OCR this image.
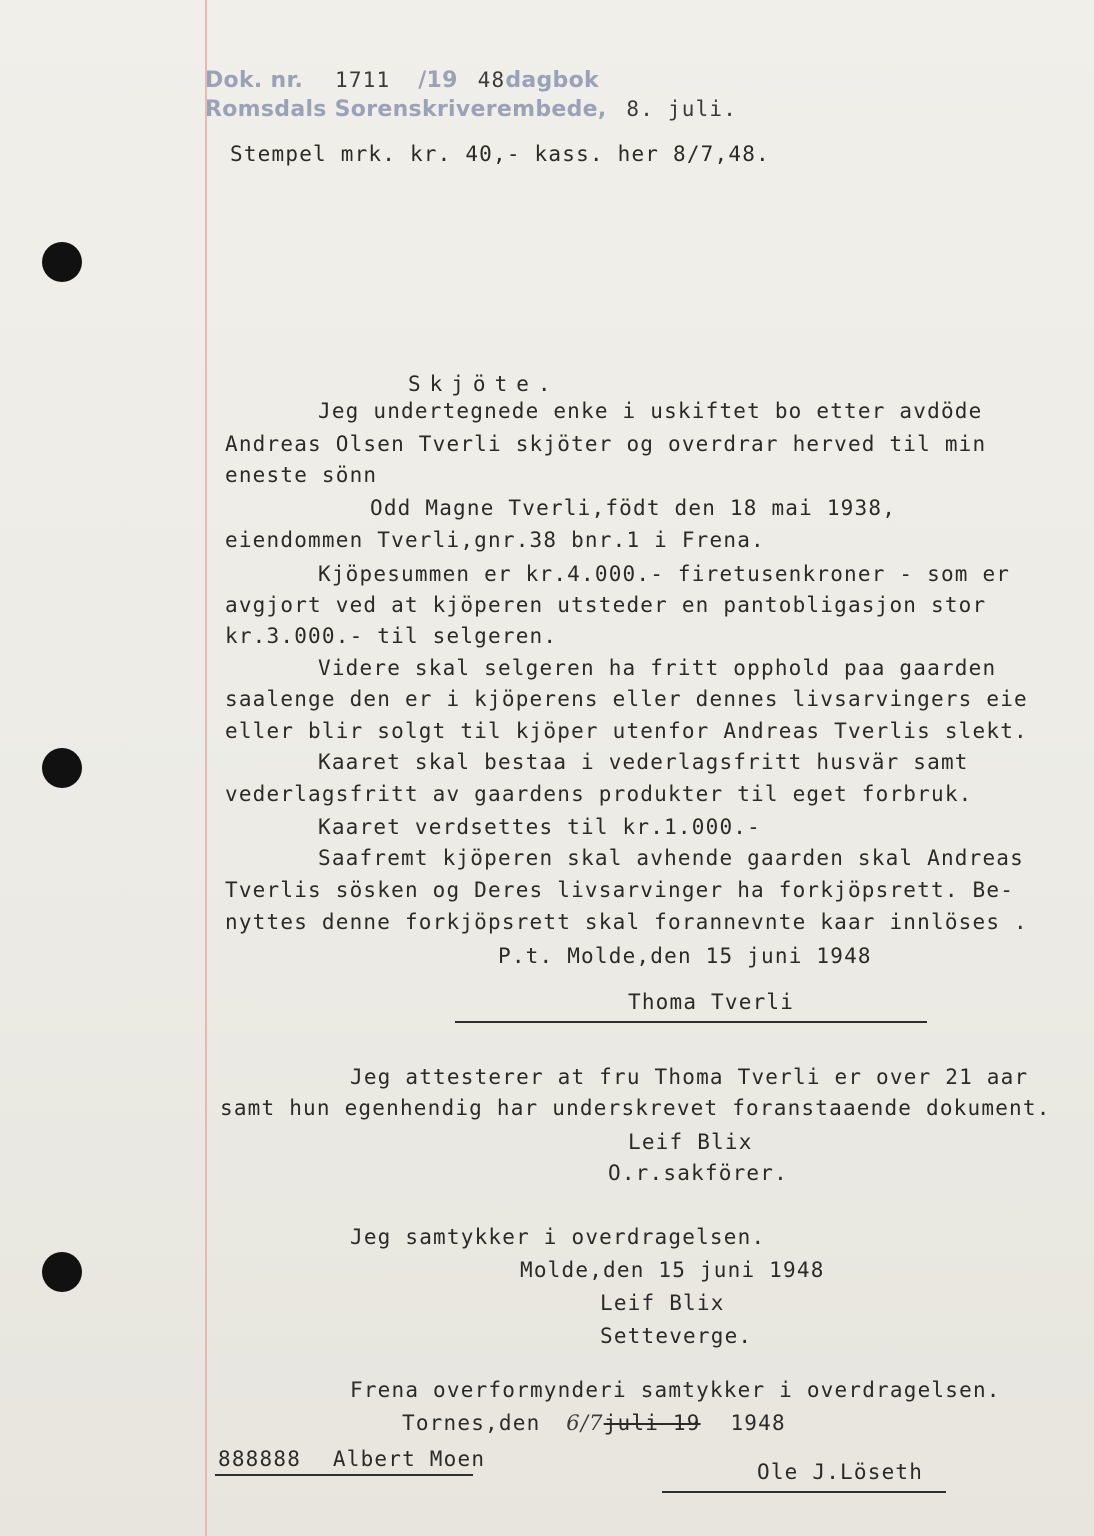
Dok. nr. 1711 /19 48dagbok
Romsdals Sorenskriverembede, 8. juli.
Stempel mrk. kr. 40,- kass. her 8/7,48.
Skjöte.
Jeg undertegnede enke i uskiftet bo etter avdöde
Andreas Olsen Tverli skjöter og overdrar herved til min
eneste sönn
Odd Magne Tverli,födt den 18 mai 1938,
eiendommen Tverli,gnr.38 bnr.1 i Frena.
Kjöpesummen er kr.4.000.- firetusenkroner - som er
avgjort ved at kjöperen utsteder en pantobligasjon stor
kr.3.000.- til selgeren.
Videre skal selgeren ha fritt opphold paa gaarden
saalenge den er i kjöperens eller dennes livsarvingers eie
eller blir solgt til kjöper utenfor Andreas Tverlis slekt.
Kaaret skal bestaa i vederlagsfritt husvär samt
vederlagsfritt av gaardens produkter til eget forbruk.
Kaaret verdsettes til kr.1.000.-
Saafremt kjöperen skal avhende gaarden skal Andreas
Tverlis sösken og Deres livsarvinger ha forkjöpsrett. Be-
nyttes denne forkjöpsrett skal forannevnte kaar innlöses .
P.t. Molde,den 15 juni 1948
Thoma Tverli
Jeg attesterer at fru Thoma Tverli er over 21 aar
samt hun egenhendig har underskrevet foranstaaende dokument.
Leif Blix
O.r.sakförer.
Jeg samtykker i overdragelsen.
Molde,den 15 juni 1948
Leif Blix
Setteverge.
Frena overformynderi samtykker i overdragelsen.
Tornes,den 6/7juli 19 1948
888888 Albert Moen
Ole J.Löseth
